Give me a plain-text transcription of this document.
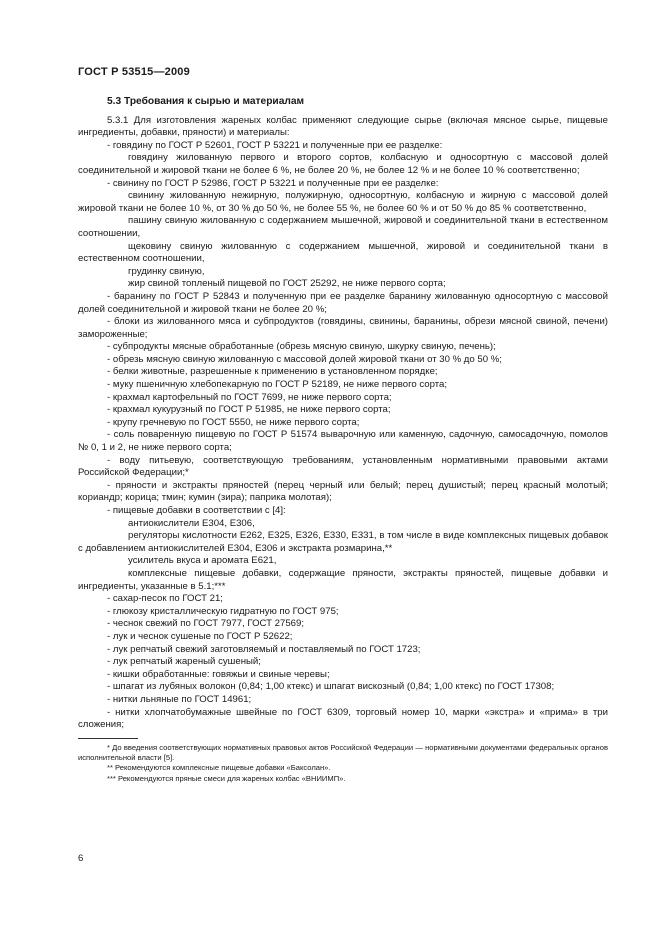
ГОСТ Р 53515—2009

5.3 Требования к сырью и материалам

5.3.1 Для изготовления жареных колбас применяют следующие сырье (включая мясное сырье, пищевые ингредиенты, добавки, пряности) и материалы:

- говядину по ГОСТ Р 52601, ГОСТ Р 53221 и полученные при ее разделке:

говядину жилованную первого и второго сортов, колбасную и односортную с массовой долей соединительной и жировой ткани не более 6 %, не более 20 %, не более 12 % и не более 10 % соответственно;

- свинину по ГОСТ Р 52986, ГОСТ Р 53221 и полученные при ее разделке:

свинину жилованную нежирную, полужирную, односортную, колбасную и жирную с массовой долей жировой ткани не более 10 %, от 30 % до 50 %, не более 55 %, не более 60 % и от 50 % до 85 % соответственно,

пашину свиную жилованную с содержанием мышечной, жировой и соединительной ткани в естественном соотношении,

щековину свиную жилованную с содержанием мышечной, жировой и соединительной ткани в естественном соотношении,

грудинку свиную,

жир свиной топленый пищевой по ГОСТ 25292, не ниже первого сорта;

- баранину по ГОСТ Р 52843 и полученную при ее разделке баранину жилованную односортную с массовой долей соединительной и жировой ткани не более 20 %;

- блоки из жилованного мяса и субпродуктов (говядины, свинины, баранины, обрези мясной свиной, печени) замороженные;

- субпродукты мясные обработанные (обрезь мясную свиную, шкурку свиную, печень);

- обрезь мясную свиную жилованную с массовой долей жировой ткани от 30 % до 50 %;

- белки животные, разрешенные к применению в установленном порядке;

- муку пшеничную хлебопекарную по ГОСТ Р 52189, не ниже первого сорта;

- крахмал картофельный по ГОСТ 7699, не ниже первого сорта;

- крахмал кукурузный по ГОСТ Р 51985, не ниже первого сорта;

- крупу гречневую по ГОСТ 5550, не ниже первого сорта;

- соль поваренную пищевую по ГОСТ Р 51574 выварочную или каменную, садочную, самосадочную, помолов № 0, 1 и 2, не ниже первого сорта;

- воду питьевую, соответствующую требованиям, установленным нормативными правовыми актами Российской Федерации;*

- пряности и экстракты пряностей (перец черный или белый; перец душистый; перец красный молотый; кориандр; корица; тмин; кумин (зира); паприка молотая);

- пищевые добавки в соответствии с [4]:

антиокислители Е304, Е306,

регуляторы кислотности Е262, Е325, Е326, Е330, Е331, в том числе в виде комплексных пищевых добавок с добавлением антиокислителей Е304, Е306 и экстракта розмарина,**

усилитель вкуса и аромата Е621,

комплексные пищевые добавки, содержащие пряности, экстракты пряностей, пищевые добавки и ингредиенты, указанные в 5.1;***

- сахар-песок по ГОСТ 21;

- глюкозу кристаллическую гидратную по ГОСТ 975;

- чеснок свежий по ГОСТ 7977, ГОСТ 27569;

- лук и чеснок сушеные по ГОСТ Р 52622;

- лук репчатый свежий заготовляемый и поставляемый по ГОСТ 1723;

- лук репчатый жареный сушеный;

- кишки обработанные: говяжьи и свиные черевы;

- шпагат из лубяных волокон (0,84; 1,00 ктекс) и шпагат вискозный (0,84; 1,00 ктекс) по ГОСТ 17308;

- нитки льняные по ГОСТ 14961;

- нитки хлопчатобумажные швейные по ГОСТ 6309, торговый номер 10, марки «экстра» и «прима» в три сложения;

* До введения соответствующих нормативных правовых актов Российской Федерации — нормативными документами федеральных органов исполнительной власти [5].

** Рекомендуются комплексные пищевые добавки «Баксолан».

*** Рекомендуются пряные смеси для жареных колбас «ВНИИМП».

6
